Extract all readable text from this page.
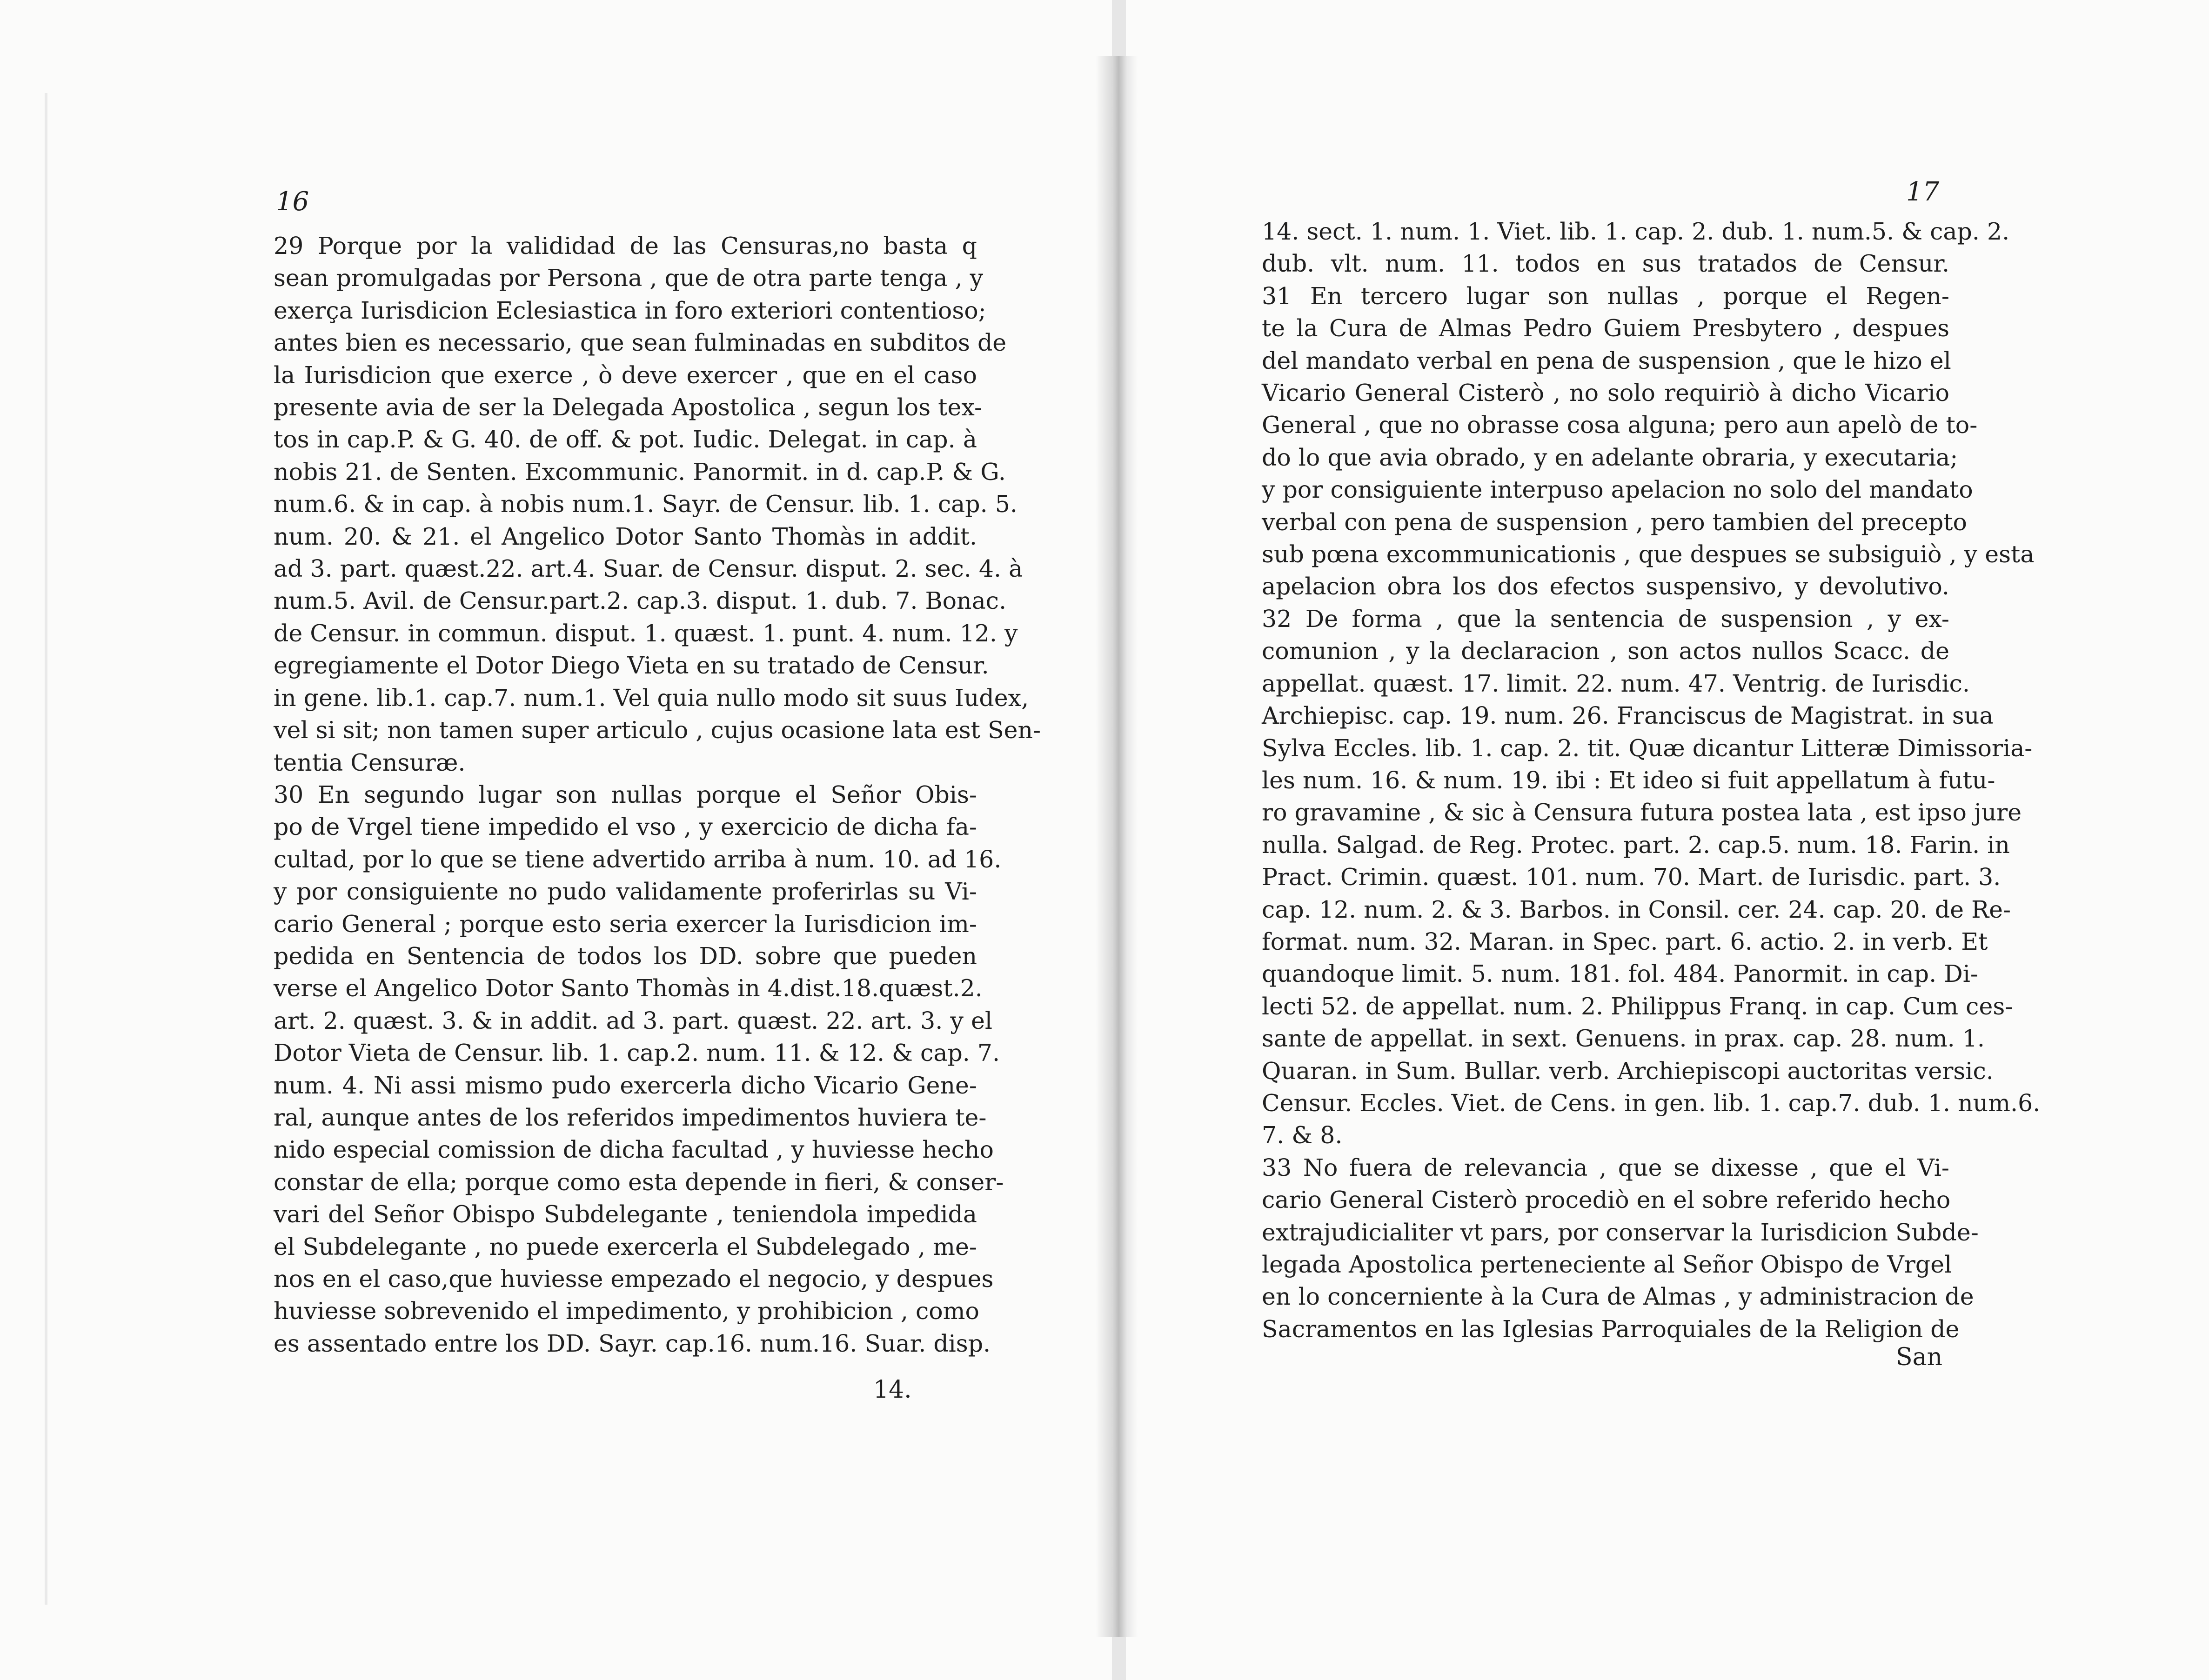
16
29 Porque por la valididad de las Censuras,no basta q
sean promulgadas por Persona , que de otra parte tenga , y
exerça Iurisdicion Eclesiastica in foro exteriori contentioso;
antes bien es necessario, que sean fulminadas en subditos de
la Iurisdicion que exerce , ò deve exercer , que en el caso
presente avia de ser la Delegada Apostolica , segun los tex-
tos in cap.P. & G. 40. de off. & pot. Iudic. Delegat. in cap. à
nobis 21. de Senten. Excommunic. Panormit. in d. cap.P. & G.
num.6. & in cap. à nobis num.1. Sayr. de Censur. lib. 1. cap. 5.
num. 20. & 21. el Angelico Dotor Santo Thomàs in addit.
ad 3. part. quæst.22. art.4. Suar. de Censur. disput. 2. sec. 4. à
num.5. Avil. de Censur.part.2. cap.3. disput. 1. dub. 7. Bonac.
de Censur. in commun. disput. 1. quæst. 1. punt. 4. num. 12. y
egregiamente el Dotor Diego Vieta en su tratado de Censur.
in gene. lib.1. cap.7. num.1. Vel quia nullo modo sit suus Iudex,
vel si sit; non tamen super articulo , cujus ocasione lata est Sen-
tentia Censuræ.
30 En segundo lugar son nullas porque el Señor Obis-
po de Vrgel tiene impedido el vso , y exercicio de dicha fa-
cultad, por lo que se tiene advertido arriba à num. 10. ad 16.
y por consiguiente no pudo validamente proferirlas su Vi-
cario General ; porque esto seria exercer la Iurisdicion im-
pedida en Sentencia de todos los DD. sobre que pueden
verse el Angelico Dotor Santo Thomàs in 4.dist.18.quæst.2.
art. 2. quæst. 3. & in addit. ad 3. part. quæst. 22. art. 3. y el
Dotor Vieta de Censur. lib. 1. cap.2. num. 11. & 12. & cap. 7.
num. 4. Ni assi mismo pudo exercerla dicho Vicario Gene-
ral, aunque antes de los referidos impedimentos huviera te-
nido especial comission de dicha facultad , y huviesse hecho
constar de ella; porque como esta depende in fieri, & conser-
vari del Señor Obispo Subdelegante , teniendola impedida
el Subdelegante , no puede exercerla el Subdelegado , me-
nos en el caso,que huviesse empezado el negocio, y despues
huviesse sobrevenido el impedimento, y prohibicion , como
es assentado entre los DD. Sayr. cap.16. num.16. Suar. disp.
14.
17
14. sect. 1. num. 1. Viet. lib. 1. cap. 2. dub. 1. num.5. & cap. 2.
dub. vlt. num. 11. todos en sus tratados de Censur.
31 En tercero lugar son nullas , porque el Regen-
te la Cura de Almas Pedro Guiem Presbytero , despues
del mandato verbal en pena de suspension , que le hizo el
Vicario General Cisterò , no solo requiriò à dicho Vicario
General , que no obrasse cosa alguna; pero aun apelò de to-
do lo que avia obrado, y en adelante obraria, y executaria;
y por consiguiente interpuso apelacion no solo del mandato
verbal con pena de suspension , pero tambien del precepto
sub pœna excommunicationis , que despues se subsiguiò , y esta
apelacion obra los dos efectos suspensivo, y devolutivo.
32 De forma , que la sentencia de suspension , y ex-
comunion , y la declaracion , son actos nullos Scacc. de
appellat. quæst. 17. limit. 22. num. 47. Ventrig. de Iurisdic.
Archiepisc. cap. 19. num. 26. Franciscus de Magistrat. in sua
Sylva Eccles. lib. 1. cap. 2. tit. Quæ dicantur Litteræ Dimissoria-
les num. 16. & num. 19. ibi : Et ideo si fuit appellatum à futu-
ro gravamine , & sic à Censura futura postea lata , est ipso jure
nulla. Salgad. de Reg. Protec. part. 2. cap.5. num. 18. Farin. in
Pract. Crimin. quæst. 101. num. 70. Mart. de Iurisdic. part. 3.
cap. 12. num. 2. & 3. Barbos. in Consil. cer. 24. cap. 20. de Re-
format. num. 32. Maran. in Spec. part. 6. actio. 2. in verb. Et
quandoque limit. 5. num. 181. fol. 484. Panormit. in cap. Di-
lecti 52. de appellat. num. 2. Philippus Franq. in cap. Cum ces-
sante de appellat. in sext. Genuens. in prax. cap. 28. num. 1.
Quaran. in Sum. Bullar. verb. Archiepiscopi auctoritas versic.
Censur. Eccles. Viet. de Cens. in gen. lib. 1. cap.7. dub. 1. num.6.
7. & 8.
33 No fuera de relevancia , que se dixesse , que el Vi-
cario General Cisterò procediò en el sobre referido hecho
extrajudicialiter vt pars, por conservar la Iurisdicion Subde-
legada Apostolica perteneciente al Señor Obispo de Vrgel
en lo concerniente à la Cura de Almas , y administracion de
Sacramentos en las Iglesias Parroquiales de la Religion de
San
